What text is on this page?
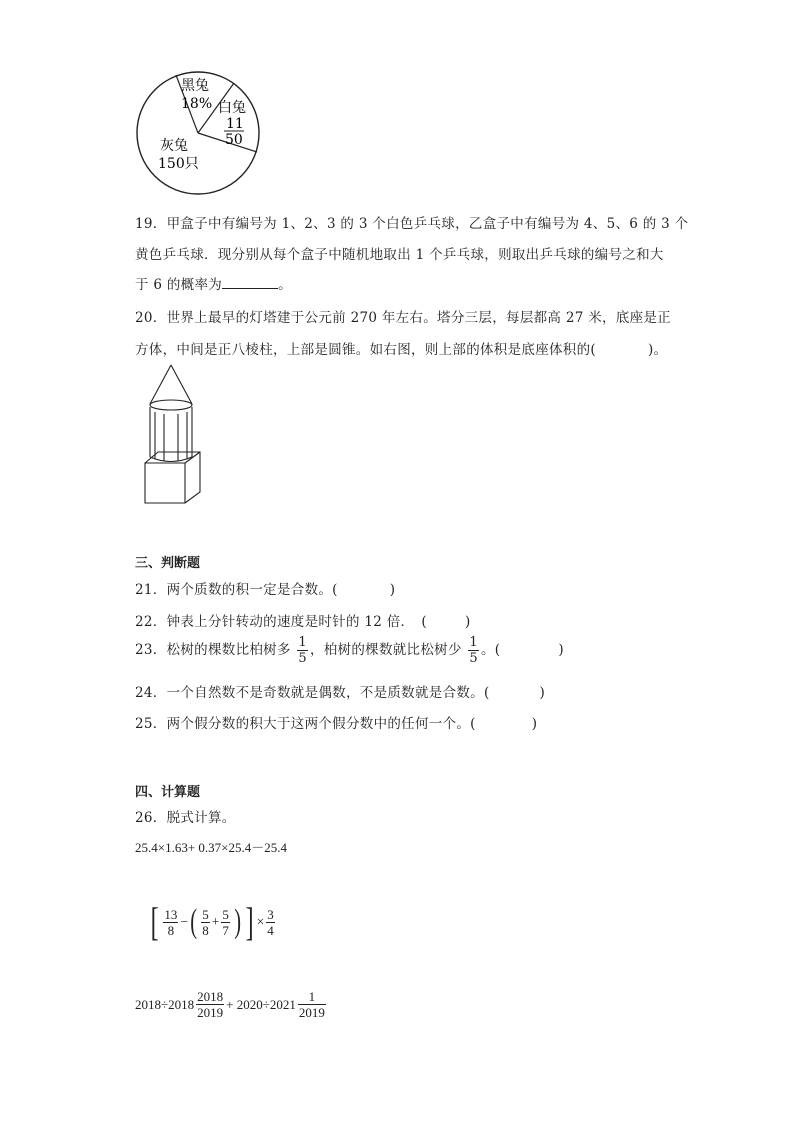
黑兔
18% 白兔
11
50
灰兔
150只
19．甲盒子中有编号为 1、2、3 的 3 个白色乒乓球，乙盒子中有编号为 4、5、6 的 3 个
黄色乒乓球．现分别从每个盒子中随机地取出 1 个乒乓球，则取出乒乓球的编号之和大
于 6 的概率为	。
20．世界上最早的灯塔建于公元前 270 年左右。塔分三层，每层都高 27 米，底座是正
方体，中间是正八棱柱，上部是圆锥。如右图，则上部的体积是底座体积的(	)。
三、判断题
21．两个质数的积一定是合数。(	)
22．钟表上分针转动的速度是时针的 12 倍．　(	)
23．松树的棵数比柏树多 $\frac{1}{5}$ ，柏树的棵数就比松树少 $\frac{1}{5}$ 。(	)
24．一个自然数不是奇数就是偶数，不是质数就是合数。(	)
25．两个假分数的积大于这两个假分数中的任何一个。(	)
四、计算题
26．脱式计算。
25.4×1.63+ 0.37×25.4－25.4
[ $\frac{13}{8}$ − ( $\frac{5}{8} + \frac{5}{7}$ ) ] × $\frac{3}{4}$
$2018\div 2018 \frac{2018}{2019} + 2020\div 2021 \frac{1}{2019}$
